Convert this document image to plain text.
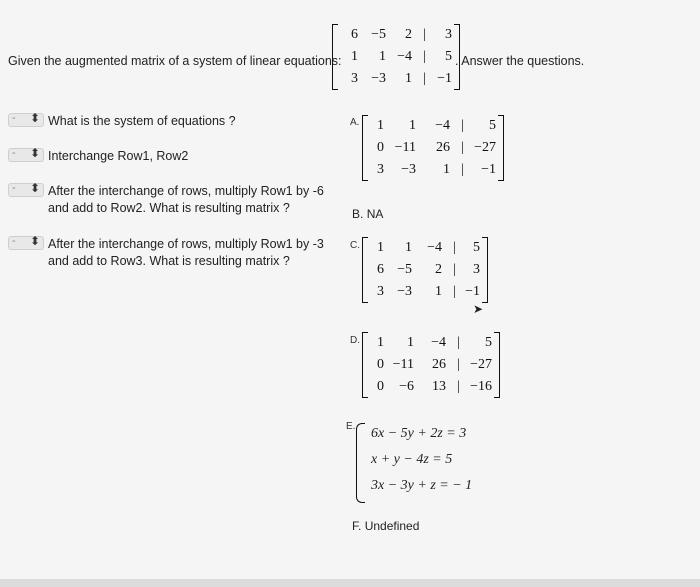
Given the augmented matrix of a system of linear equations:
6 −5	2 |	3
1	1 −4 |	5
3 −3	1 | −1
. Answer the questions.
- ⬍ What is the system of equations ?
- ⬍ Interchange Row1, Row2
- ⬍ After the interchange of rows, multiply Row1 by -6 and add to Row2. What is resulting matrix ?
- ⬍ After the interchange of rows, multiply Row1 by -3 and add to Row3. What is resulting matrix ?
A.	1	1	−4 |	5
0 −11	26 | −27
3	−3	1 |	−1
B. NA
C.	1	1	−4 |	5
6 −5	2 |	3
3 −3	1 | −1
➤
D.	1	1	−4 |	5
0 −11	26 | −27
0	−6	13 | −16
E. 6x − 5y + 2z = 3
x + y − 4z = 5
3x − 3y + z = − 1
F. Undefined
